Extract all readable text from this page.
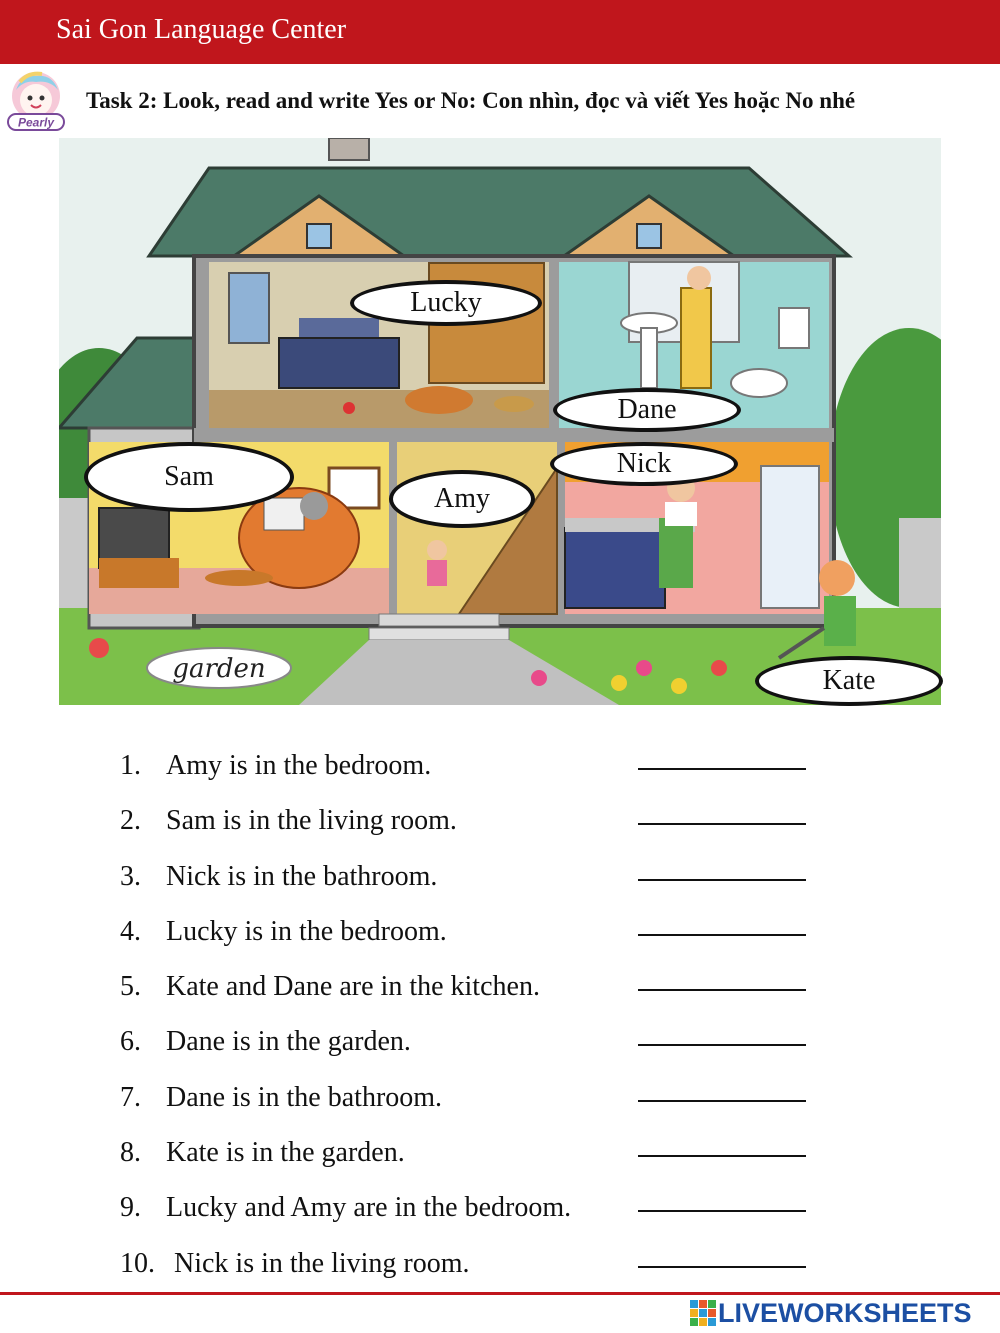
Sai Gon Language Center
Pearly
Task 2: Look, read and write Yes or No: Con nhìn, đọc và viết Yes hoặc No nhé
garden
Lucky
Dane
Nick
Sam
Amy
Kate
1. Amy is in the bedroom.
2. Sam is in the living room.
3. Nick is in the bathroom.
4. Lucky is in the bedroom.
5. Kate and Dane are in the kitchen.
6. Dane is in the garden.
7. Dane is in the bathroom.
8. Kate is in the garden.
9. Lucky and Amy are in the bedroom.
10. Nick is in the living room.
LIVEWORKSHEETS
